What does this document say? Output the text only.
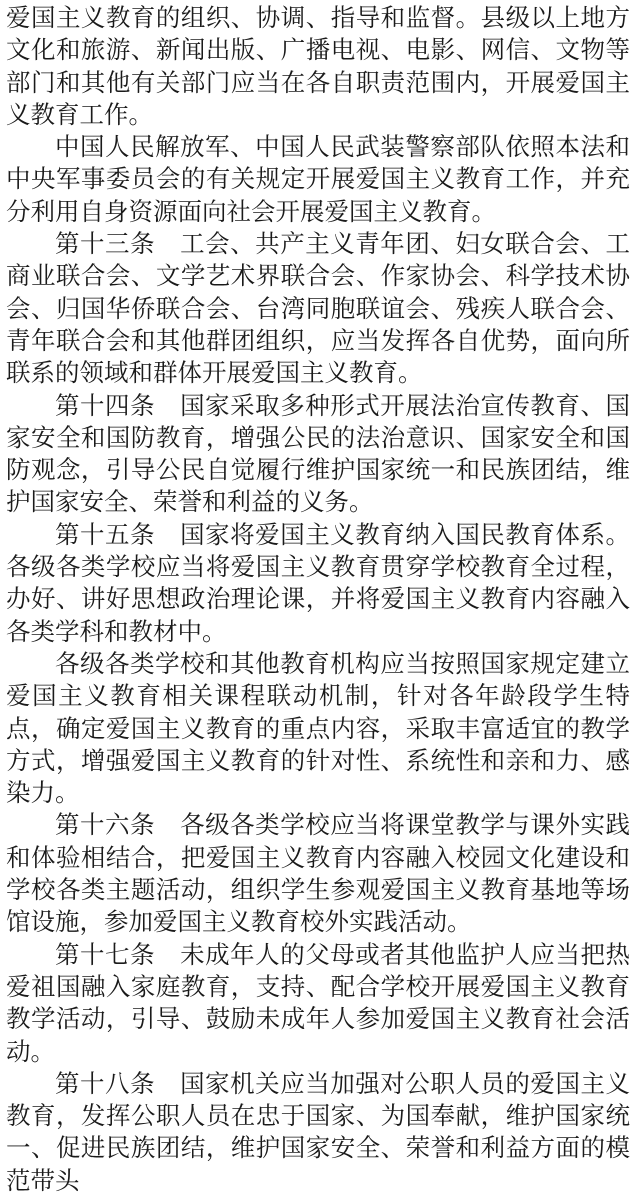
爱国主义教育的组织、协调、指导和监督。县级以上地方文化和旅游、新闻出版、广播电视、电影、网信、文物等部门和其他有关部门应当在各自职责范围内，开展爱国主义教育工作。

中国人民解放军、中国人民武装警察部队依照本法和中央军事委员会的有关规定开展爱国主义教育工作，并充分利用自身资源面向社会开展爱国主义教育。

第十三条 工会、共产主义青年团、妇女联合会、工商业联合会、文学艺术界联合会、作家协会、科学技术协会、归国华侨联合会、台湾同胞联谊会、残疾人联合会、青年联合会和其他群团组织，应当发挥各自优势，面向所联系的领域和群体开展爱国主义教育。

第十四条 国家采取多种形式开展法治宣传教育、国家安全和国防教育，增强公民的法治意识、国家安全和国防观念，引导公民自觉履行维护国家统一和民族团结，维护国家安全、荣誉和利益的义务。

第十五条 国家将爱国主义教育纳入国民教育体系。各级各类学校应当将爱国主义教育贯穿学校教育全过程，办好、讲好思想政治理论课，并将爱国主义教育内容融入各类学科和教材中。

各级各类学校和其他教育机构应当按照国家规定建立爱国主义教育相关课程联动机制，针对各年龄段学生特点，确定爱国主义教育的重点内容，采取丰富适宜的教学方式，增强爱国主义教育的针对性、系统性和亲和力、感染力。

第十六条 各级各类学校应当将课堂教学与课外实践和体验相结合，把爱国主义教育内容融入校园文化建设和学校各类主题活动，组织学生参观爱国主义教育基地等场馆设施，参加爱国主义教育校外实践活动。

第十七条 未成年人的父母或者其他监护人应当把热爱祖国融入家庭教育，支持、配合学校开展爱国主义教育教学活动，引导、鼓励未成年人参加爱国主义教育社会活动。

第十八条 国家机关应当加强对公职人员的爱国主义教育，发挥公职人员在忠于国家、为国奉献，维护国家统一、促进民族团结，维护国家安全、荣誉和利益方面的模范带头
